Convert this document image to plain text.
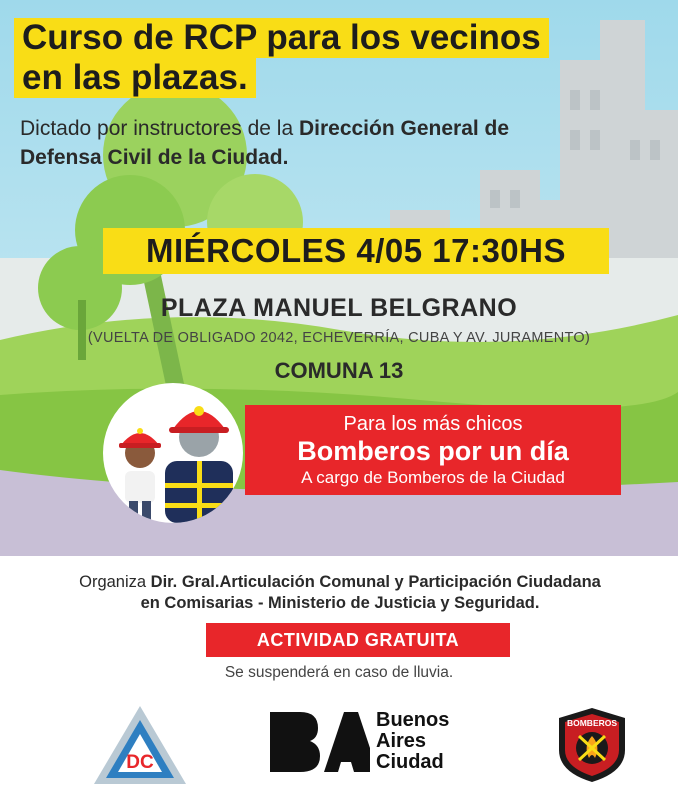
Curso de RCP para los vecinos
en las plazas.
Dictado por instructores de la Dirección General de
Defensa Civil de la Ciudad.
MIÉRCOLES 4/05 17:30HS
PLAZA MANUEL BELGRANO
(VUELTA DE OBLIGADO 2042, ECHEVERRÍA, CUBA Y AV. JURAMENTO)
COMUNA 13
Para los más chicos
Bomberos por un día
A cargo de Bomberos de la Ciudad
Organiza Dir. Gral.Articulación Comunal y Participación Ciudadana
en Comisarias - Ministerio de Justicia y Seguridad.
ACTIVIDAD GRATUITA
Se suspenderá en caso de lluvia.
DC
Buenos
Aires
Ciudad
BOMBEROS
